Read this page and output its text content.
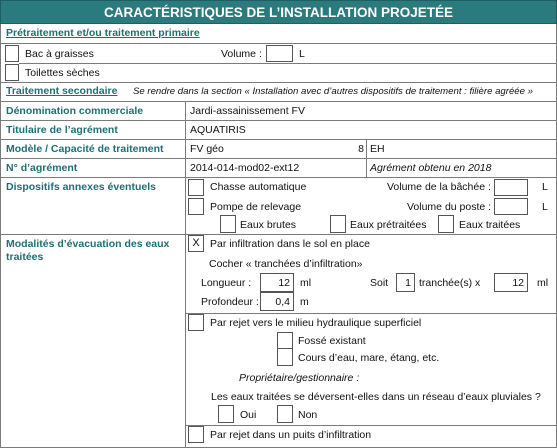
CARACTÉRISTIQUES DE L’INSTALLATION PROJETÉE
Prétraitement et/ou traitement primaire
Bac à graisses	Volume :	L
Toilettes sèches
Traitement secondaire Se rendre dans la section « Installation avec d’autres dispositifs de traitement : filière agréée »
Dénomination commerciale	Jardi-assainissement FV
Titulaire de l’agrément	AQUATIRIS
Modèle / Capacité de traitement	FV géo	8 EH
N° d’agrément	2014-014-mod02-ext12	Agrément obtenu en 2018
Dispositifs annexes éventuels	Chasse automatique	Volume de la bâchée :	L
Pompe de relevage	Volume du poste :	L
Eaux brutes	Eaux prétraitées	Eaux traitées
Modalités d’évacuation des eaux traitées
X Par infiltration dans le sol en place
Cocher « tranchées d’infiltration»
Longueur :	12 ml	Soit 1 tranchée(s) x	12 ml
Profondeur : 0,4 m
Par rejet vers le milieu hydraulique superficiel
Fossé existant
Cours d’eau, mare, étang, etc.
Propriétaire/gestionnaire :
Les eaux traitées se déversent-elles dans un réseau d’eaux pluviales ?
Oui	Non
Par rejet dans un puits d’infiltration
